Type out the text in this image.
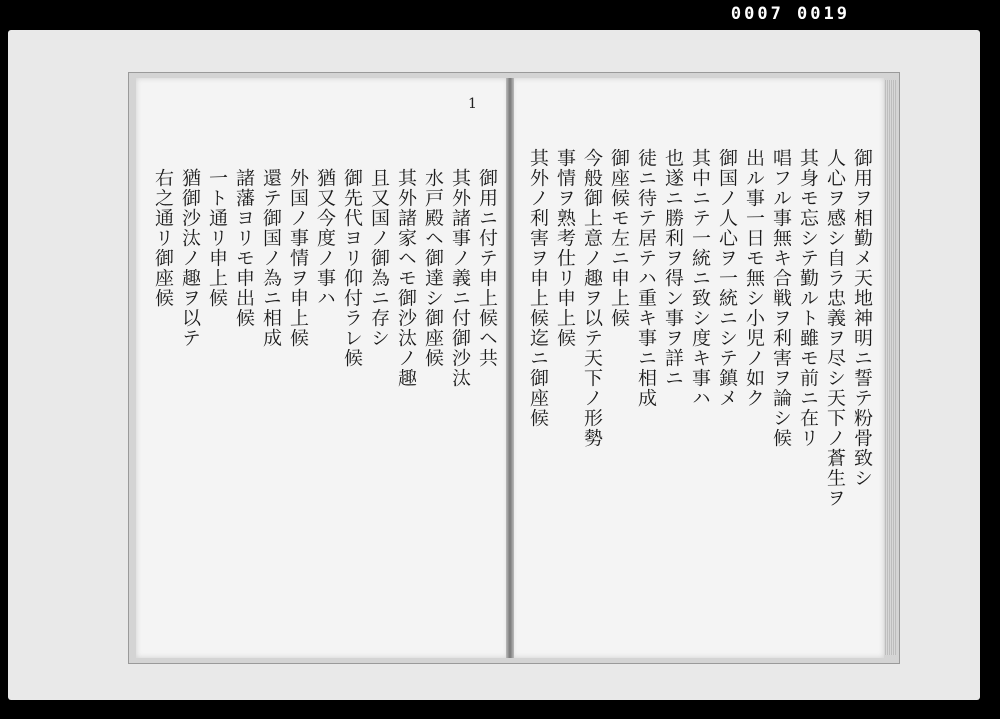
0007 0019
1
御用ヲ相勤メ天地神明ニ誓テ粉骨致シ
人心ヲ感シ自ラ忠義ヲ尽シ天下ノ蒼生ヲ
其身モ忘シテ勤ルト雖モ前ニ在リ
唱フル事無キ合戦ヲ利害ヲ論シ候
出ル事一日モ無シ小児ノ如ク
御国ノ人心ヲ一統ニシテ鎮メ
其中ニテ一統ニ致シ度キ事ハ
也遂ニ勝利ヲ得ン事ヲ詳ニ
徒ニ待テ居テハ重キ事ニ相成
御座候モ左ニ申上候
今般御上意ノ趣ヲ以テ天下ノ形勢
事情ヲ熟考仕リ申上候
其外ノ利害ヲ申上候迄ニ御座候
御用ニ付テ申上候ヘ共
其外諸事ノ義ニ付御沙汰
水戸殿ヘ御達シ御座候
其外諸家ヘモ御沙汰ノ趣
且又国ノ御為ニ存シ
御先代ヨリ仰付ラレ候
猶又今度ノ事ハ
外国ノ事情ヲ申上候
還テ御国ノ為ニ相成
諸藩ヨリモ申出候
一ト通リ申上候
猶御沙汰ノ趣ヲ以テ
右之通リ御座候
